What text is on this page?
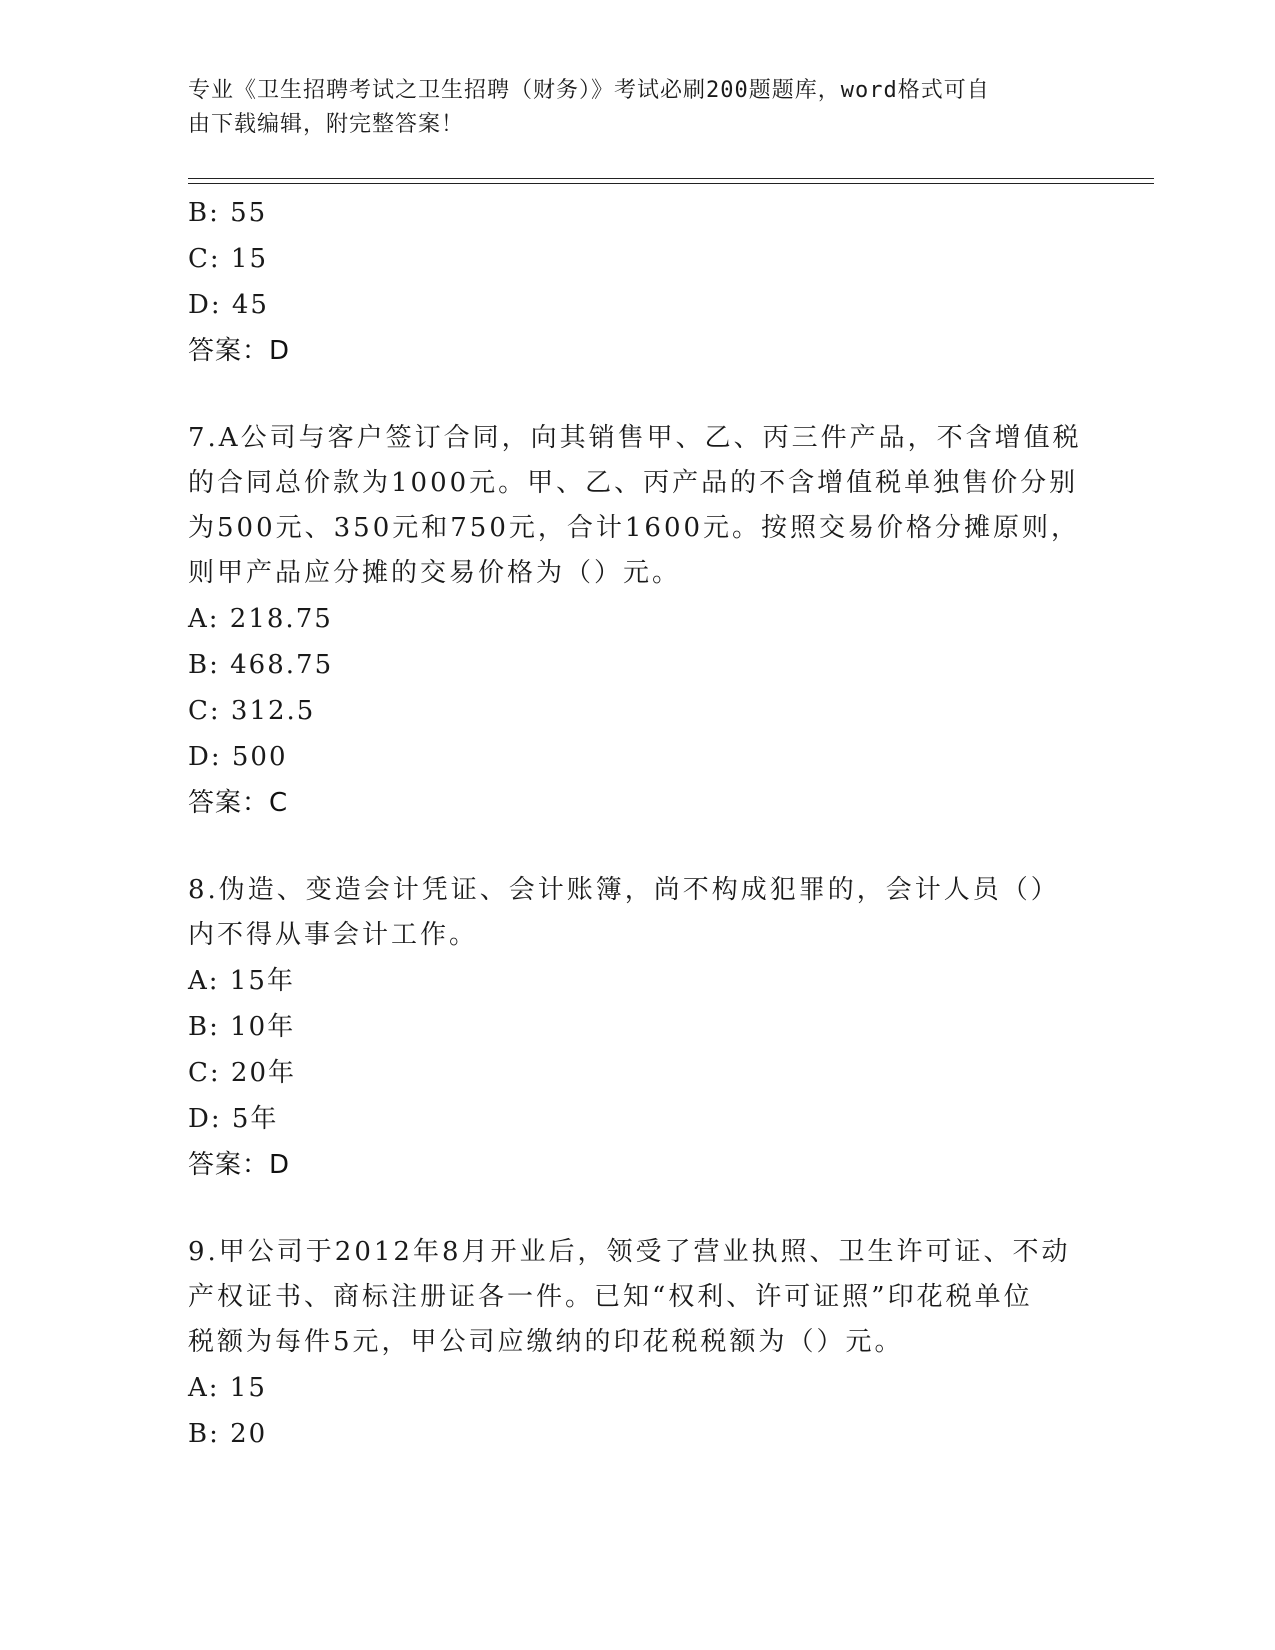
专业《卫生招聘考试之卫生招聘（财务）》考试必刷200题题库，word格式可自
由下载编辑，附完整答案！
B: 55
C: 15
D: 45
答案：D
7.A公司与客户签订合同，向其销售甲、乙、丙三件产品，不含增值税
的合同总价款为1000元。甲、乙、丙产品的不含增值税单独售价分别
为500元、350元和750元，合计1600元。按照交易价格分摊原则，
则甲产品应分摊的交易价格为（）元。
A: 218.75
B: 468.75
C: 312.5
D: 500
答案：C
8.伪造、变造会计凭证、会计账簿，尚不构成犯罪的，会计人员（）
内不得从事会计工作。
A: 15年
B: 10年
C: 20年
D: 5年
答案：D
9.甲公司于2012年8月开业后，领受了营业执照、卫生许可证、不动
产权证书、商标注册证各一件。已知“权利、许可证照”印花税单位
税额为每件5元，甲公司应缴纳的印花税税额为（）元。
A: 15
B: 20
